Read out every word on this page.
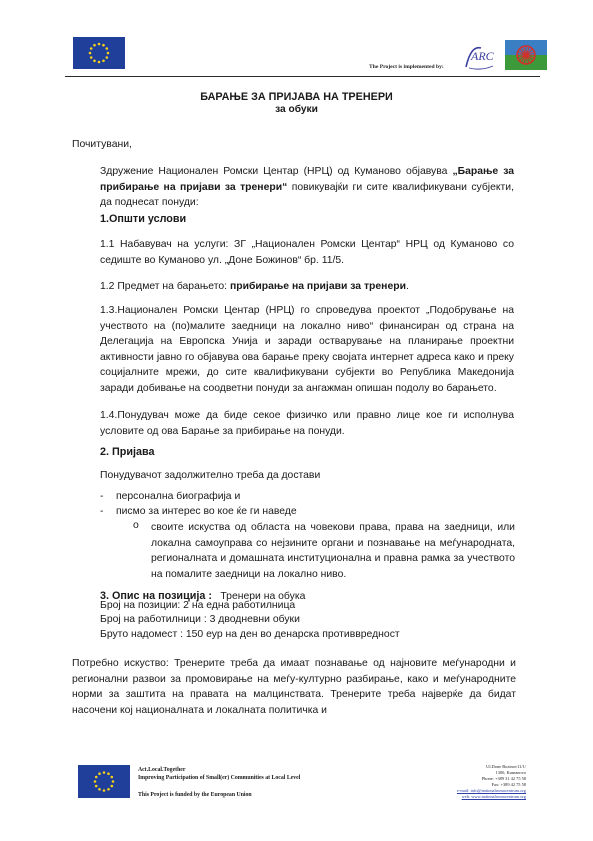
The Project is implemented by:
ARC
БАРАЊЕ ЗА ПРИЈАВА НА ТРЕНЕРИ
за обуки
Почитувани,
Здружение Национален Ромски Центар (НРЦ) од Куманово објавува „Барање за прибирање на пријави за тренери“ повикувајќи ги сите квалификувани субјекти, да поднесат понуди:
1.Општи услови
1.1 Набавувач на услуги: ЗГ „Национален Ромски Центар“ НРЦ од Куманово со седиште во Куманово ул. „Доне Божинов“ бр. 11/5.
1.2 Предмет на барањето: прибирање на пријави за тренери.
1.3.Национален Ромски Центар (НРЦ) го спроведува проектот „Подобрување на учеството на (по)малите заедници на локално ниво“ финансиран од страна на Делегација на Европска Унија и заради остварување на планирање проектни активности јавно го објавува ова барање преку својата интернет адреса како и преку социјалните мрежи, до сите квалификувани субјекти во Република Македонија заради добивање на соодветни понуди за ангажман опишан подолу во барањето.
1.4.Понудувач може да биде секое физичко или правно лице кое ги исполнува условите од ова Барање за прибирање на понуди.
2. Пријава
Понудувачот задолжително треба да достави
- персонална биографија и
- писмо за интерес во кое ќе ги наведе
o своите искуства од областа на човекови права, права на заедници, или локална самоуправа со нејзините органи и познавање на меѓународната, регионалната и домашната институционална и правна рамка за учеството на помалите заедници на локално ниво.
3. Опис на позиција : Тренери на обука
Број на позиции: 2 на една работилница
Број на работилници : 3 дводневни обуки
Бруто надомест : 150 еур на ден во денарска противвредност
Потребно искуство: Тренерите треба да имаат познавање од најновите меѓународни и регионални развои за промовирање на меѓу-културно разбирање, како и меѓународните норми за заштита на правата на малцинствата. Тренерите треба најверќе да бидат насочени кој националната и локалната политичка и
Act.Local.Together
Improving Participation of Small(er) Communities at Local Level
This Project is funded by the European Union
Ul.Done Bozinov11/1/
1300, Kumanovo
Phone: +389 31 42 75 58
Fax: +389 42 75 58
e-mail: info@nationalromacentrum.org
web: www.nationalromacentrum.org
